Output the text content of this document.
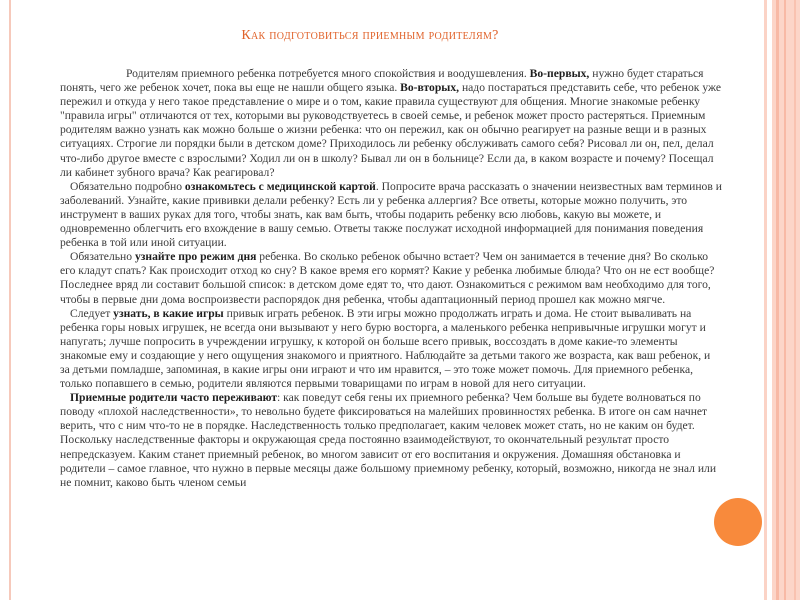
Как подготовиться приемным родителям?

Родителям приемного ребенка потребуется много спокойствия и воодушевления. Во-первых, нужно будет стараться понять, чего же ребенок хочет, пока вы еще не нашли общего языка. Во-вторых, надо постараться представить себе, что ребенок уже пережил и откуда у него такое представление о мире и о том, какие правила существуют для общения. Многие знакомые ребенку "правила игры" отличаются от тех, которыми вы руководствуетесь в своей семье, и ребенок может просто растеряться. Приемным родителям важно узнать как можно больше о жизни ребенка: что он пережил, как он обычно реагирует на разные вещи и в разных ситуациях. Строгие ли порядки были в детском доме? Приходилось ли ребенку обслуживать самого себя? Рисовал ли он, пел, делал что-либо другое вместе с взрослыми? Ходил ли он в школу? Бывал ли он в больнице? Если да, в каком возрасте и почему? Посещал ли кабинет зубного врача? Как реагировал?

Обязательно подробно ознакомьтесь с медицинской картой. Попросите врача рассказать о значении неизвестных вам терминов и заболеваний. Узнайте, какие прививки делали ребенку? Есть ли у ребенка аллергия? Все ответы, которые можно получить, это инструмент в ваших руках для того, чтобы знать, как вам быть, чтобы подарить ребенку всю любовь, какую вы можете, и одновременно облегчить его вхождение в вашу семью. Ответы также послужат исходной информацией для понимания поведения ребенка в той или иной ситуации.

Обязательно узнайте про режим дня ребенка. Во сколько ребенок обычно встает? Чем он занимается в течение дня? Во сколько его кладут спать? Как происходит отход ко сну? В какое время его кормят? Какие у ребенка любимые блюда? Что он не ест вообще? Последнее вряд ли составит большой список: в детском доме едят то, что дают. Ознакомиться с режимом вам необходимо для того, чтобы в первые дни дома воспроизвести распорядок дня ребенка, чтобы адаптационный период прошел как можно мягче.

Следует узнать, в какие игры привык играть ребенок. В эти игры можно продолжать играть и дома. Не стоит вываливать на ребенка горы новых игрушек, не всегда они вызывают у него бурю восторга, а маленького ребенка непривычные игрушки могут и напугать; лучше попросить в учреждении игрушку, к которой он больше всего привык, воссоздать в доме какие-то элементы знакомые ему и создающие у него ощущения знакомого и приятного. Наблюдайте за детьми такого же возраста, как ваш ребенок, и за детьми помладше, запоминая, в какие игры они играют и что им нравится, – это тоже может помочь. Для приемного ребенка, только попавшего в семью, родители являются первыми товарищами по играм в новой для него ситуации.

Приемные родители часто переживают: как поведут себя гены их приемного ребенка? Чем больше вы будете волноваться по поводу «плохой наследственности», то невольно будете фиксироваться на малейших провинностях ребенка. В итоге он сам начнет верить, что с ним что-то не в порядке. Наследственность только предполагает, каким человек может стать, но не каким он будет. Поскольку наследственные факторы и окружающая среда постоянно взаимодействуют, то окончательный результат просто непредсказуем. Каким станет приемный ребенок, во многом зависит от его воспитания и окружения. Домашняя обстановка и родители – самое главное, что нужно в первые месяцы даже большому приемному ребенку, который, возможно, никогда не знал или не помнит, каково быть членом семьи
